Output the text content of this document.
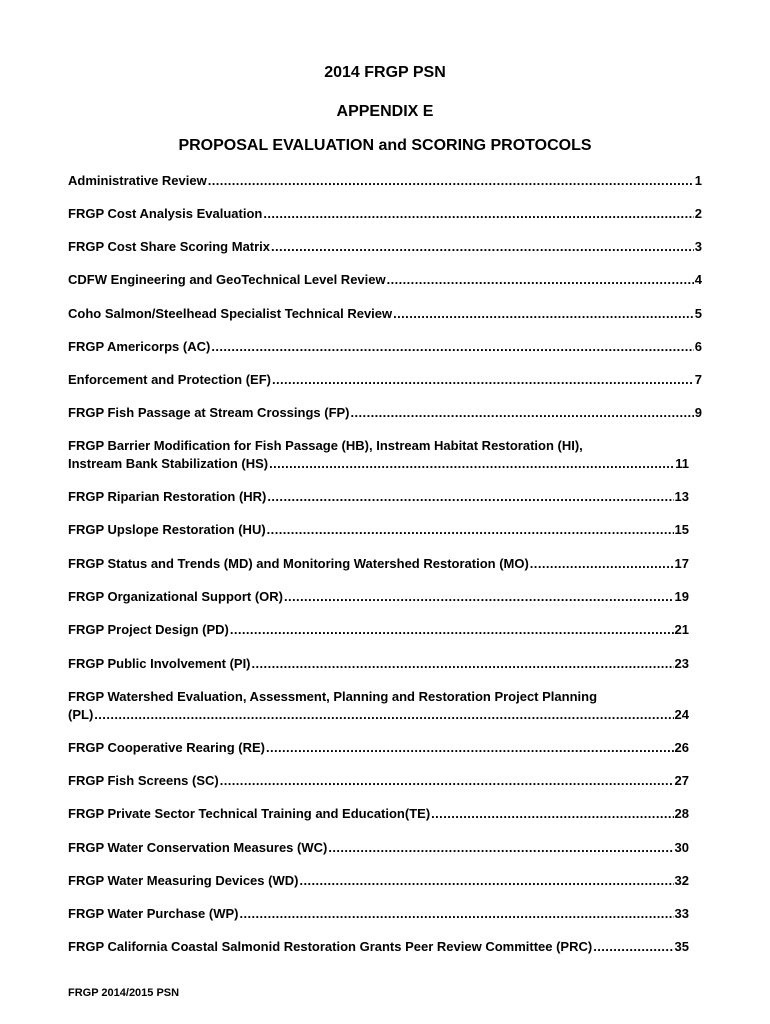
2014 FRGP PSN
APPENDIX E
PROPOSAL EVALUATION and SCORING PROTOCOLS
Administrative Review .....	1
FRGP Cost Analysis Evaluation .....	2
FRGP Cost Share Scoring Matrix .....	3
CDFW Engineering and GeoTechnical Level Review .....	4
Coho Salmon/Steelhead Specialist Technical Review .....	5
FRGP Americorps (AC) .....	6
Enforcement and Protection (EF) .....	7
FRGP Fish Passage at Stream Crossings (FP) .....	9
FRGP Barrier Modification for Fish Passage (HB), Instream Habitat Restoration (HI),
Instream Bank Stabilization (HS) .....	11
FRGP Riparian Restoration (HR) .....	13
FRGP Upslope Restoration (HU) .....	15
FRGP Status and Trends (MD) and Monitoring Watershed Restoration (MO) .....	17
FRGP Organizational Support (OR) .....	19
FRGP Project Design (PD) .....	21
FRGP Public Involvement (PI) .....	23
FRGP Watershed Evaluation, Assessment, Planning and Restoration Project Planning
(PL) .....	24
FRGP Cooperative Rearing (RE) .....	26
FRGP Fish Screens (SC) .....	27
FRGP Private Sector Technical Training and Education(TE) .....	28
FRGP Water Conservation Measures (WC) .....	30
FRGP Water Measuring Devices (WD) .....	32
FRGP Water Purchase (WP) .....	33
FRGP California Coastal Salmonid Restoration Grants Peer Review Committee (PRC) .....	35
FRGP 2014/2015 PSN
